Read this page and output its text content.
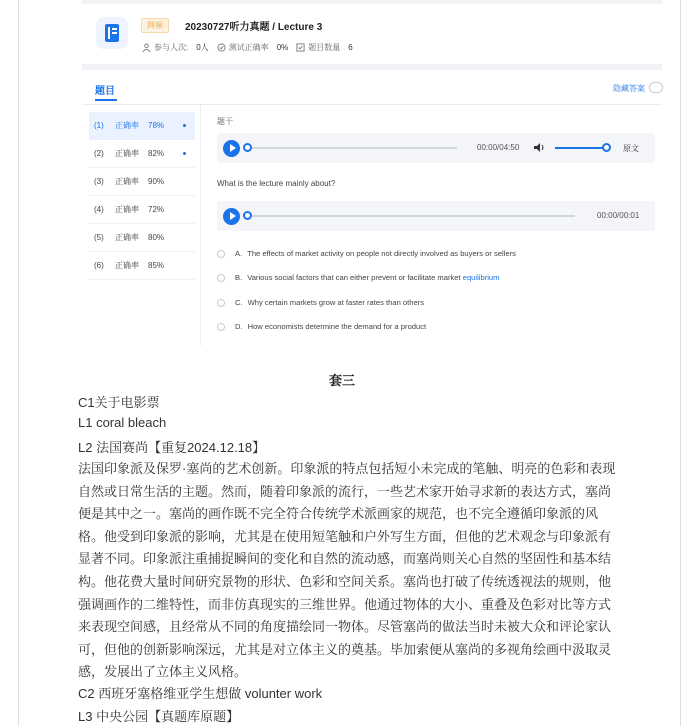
网频	20230727听力真题 / Lecture 3
参与人次 : 0人	测试正确率 0%	题目数量 6
题目	隐藏答案
(1)	正确率	78%
(2)	正确率	82%
(3)	正确率	90%
(4)	正确率	72%
(5)	正确率	80%
(6)	正确率	85%
题干
00:00/04:50	原文
What is the lecture mainly about?
00:00/00:01
A. The effects of market activity on people not directly involved as buyers or sellers
B. Various social factors that can either prevent or facilitate market equilibrium
C. Why certain markets grow at faster rates than others
D. How economists determine the demand for a product
套三
C1关于电影票
L1 coral bleach
L2 法国赛尚【重复2024.12.18】
法国印象派及保罗·塞尚的艺术创新。印象派的特点包括短小未完成的笔触、明亮的色彩和表现
自然或日常生活的主题。然而，随着印象派的流行，一些艺术家开始寻求新的表达方式，塞尚
便是其中之一。塞尚的画作既不完全符合传统学术派画家的规范，也不完全遵循印象派的风
格。他受到印象派的影响，尤其是在使用短笔触和户外写生方面，但他的艺术观念与印象派有
显著不同。印象派注重捕捉瞬间的变化和自然的流动感，而塞尚则关心自然的坚固性和基本结
构。他花费大量时间研究景物的形状、色彩和空间关系。塞尚也打破了传统透视法的规则，他
强调画作的二维特性，而非仿真现实的三维世界。他通过物体的大小、重叠及色彩对比等方式
来表现空间感，且经常从不同的角度描绘同一物体。尽管塞尚的做法当时未被大众和评论家认
可，但他的创新影响深远，尤其是对立体主义的奠基。毕加索便从塞尚的多视角绘画中汲取灵
感，发展出了立体主义风格。
C2 西班牙塞格维亚学生想做 volunter work
L3 中央公园【真题库原题】
